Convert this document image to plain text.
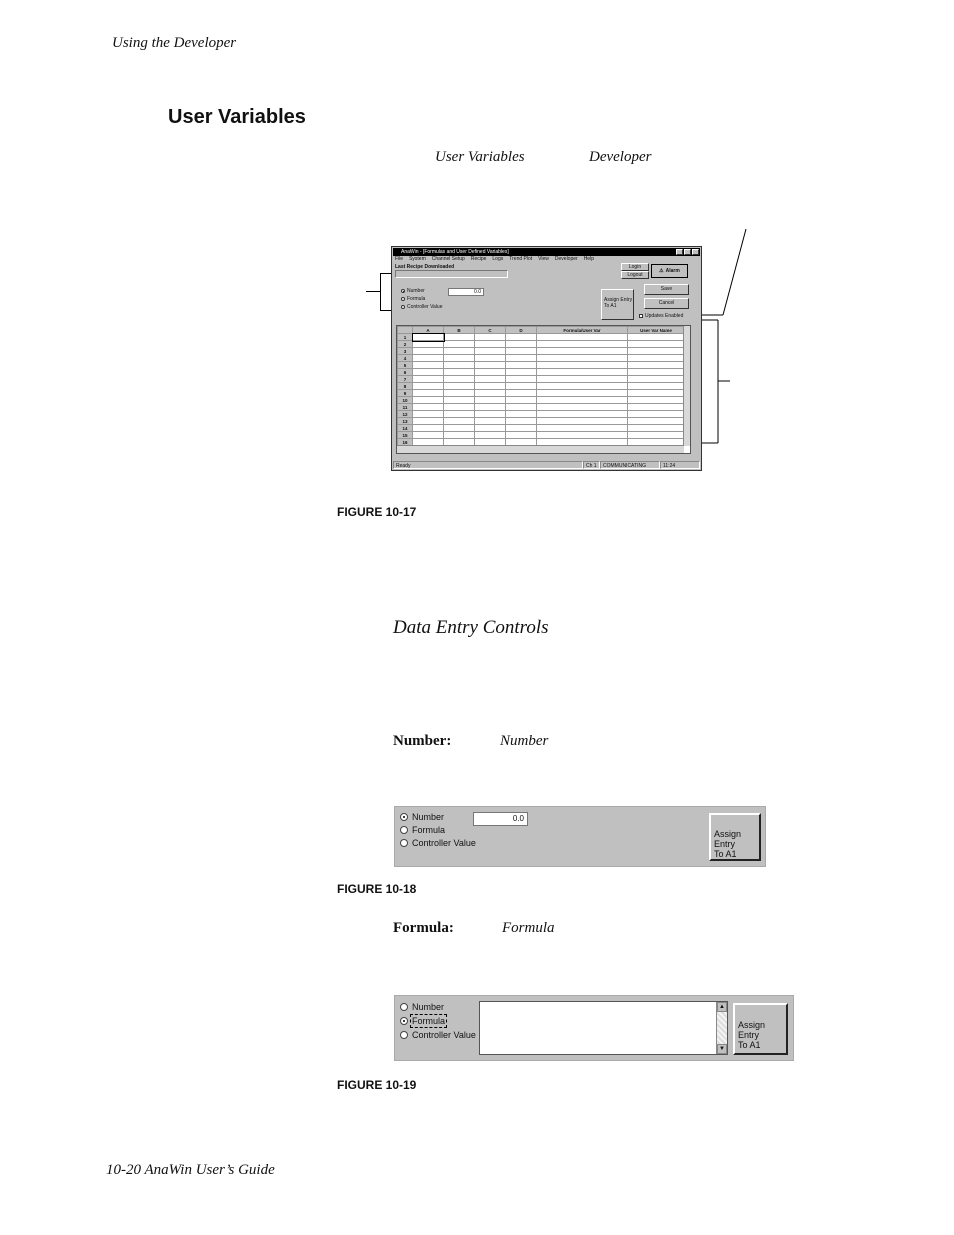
Using the Developer
User Variables
User Variables	Developer
AnaWin - [Formulas and User Defined Variables]
File System Channel Setup Recipe Logs Trend Plot View Developer Help
Last Recipe Downloaded	Login
Logout
⚠ Alarm
Number
Formula
Controller Value
0.0
Assign Entry To A1
Save
Cancel
Updates Enabled
	A	B	C	D	Formula/User Var	User Var Name
1						
2						
3						
4						
5						
6						
7						
8						
9						
10						
11						
12						
13						
14						
15						
16						
Ready	Ch 1	COMMUNICATING	11:24
FIGURE 10-17
Data Entry Controls
Number:	Number
Number
Formula
Controller Value
0.0
Assign Entry
To A1
FIGURE 10-18
Formula:	Formula
Number
Formula
Controller Value
▲
▼
Assign Entry
To A1
FIGURE 10-19
10-20 AnaWin User’s Guide
